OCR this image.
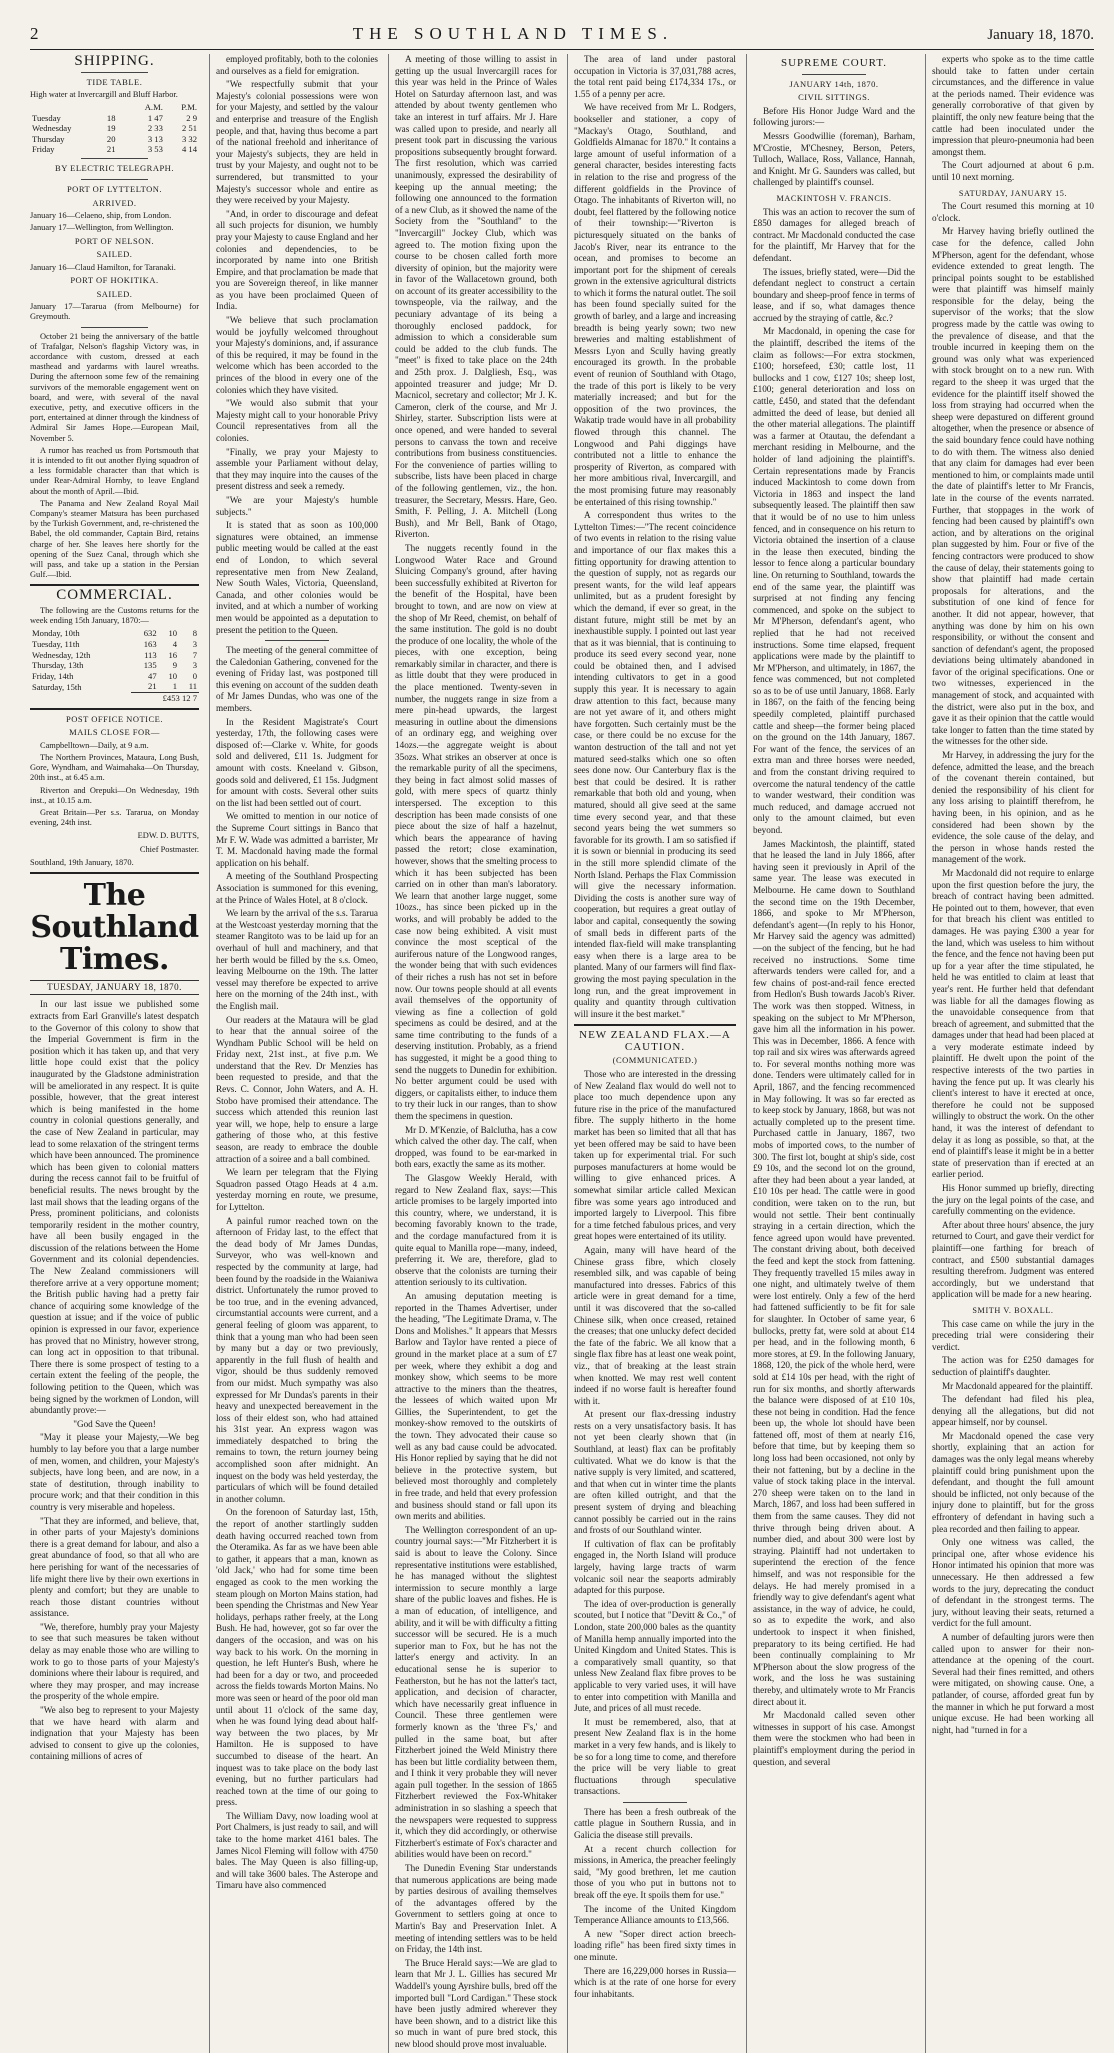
2	THE SOUTHLAND TIMES.	January 18, 1870.
SHIPPING.
TIDE TABLE.

High water at Invercargill and Bluff Harbor.

		A.M.	P.M.
Tuesday	18	1 47	2 9
Wednesday	19	2 33	2 51
Thursday	20	3 13	3 32
Friday	21	3 53	4 14
BY ELECTRIC TELEGRAPH.
PORT OF LYTTELTON.
ARRIVED.

January 16—Celaeno, ship, from London.

January 17—Wellington, from Wellington.

PORT OF NELSON.
SAILED.

January 16—Claud Hamilton, for Taranaki.

PORT OF HOKITIKA.
SAILED.

January 17—Tararua (from Melbourne) for Greymouth.

October 21 being the anniversary of the battle of Trafalgar, Nelson's flagship Victory was, in accordance with custom, dressed at each masthead and yardarms with laurel wreaths. During the afternoon some few of the remaining survivors of the memorable engagement went on board, and were, with several of the naval executive, petty, and executive officers in the port, entertained at dinner through the kindness of Admiral Sir James Hope.—European Mail, November 5.

A rumor has reached us from Portsmouth that it is intended to fit out another flying squadron of a less formidable character than that which is under Rear-Admiral Hornby, to leave England about the month of April.—Ibid.

The Panama and New Zealand Royal Mail Company's steamer Matsura has been purchased by the Turkish Government, and, re-christened the Babel, the old commander, Captain Bird, retains charge of her. She leaves here shortly for the opening of the Suez Canal, through which she will pass, and take up a station in the Persian Gulf.—Ibid.

COMMERCIAL.

The following are the Customs returns for the week ending 15th January, 1870:—

Monday, 10th	632	10	8
Tuesday, 11th	163	4	3
Wednesday, 12th	113	16	7
Thursday, 13th	135	9	3
Friday, 14th	47	10	0
Saturday, 15th	21	1	11
	£453 12 7		
POST OFFICE NOTICE.
MAILS CLOSE FOR—

Campbelltown—Daily, at 9 a.m.

The Northern Provinces, Mataura, Long Bush, Gore, Wyndham, and Waimahaka—On Thursday, 20th inst., at 6.45 a.m.

Riverton and Orepuki—On Wednesday, 19th inst., at 10.15 a.m.

Great Britain—Per s.s. Tararua, on Monday evening, 24th inst.

EDW. D. BUTTS,
Chief Postmaster.

Southland, 19th January, 1870.

The Southland Times.
TUESDAY, JANUARY 18, 1870.

In our last issue we published some extracts from Earl Granville's latest despatch to the Governor of this colony to show that the Imperial Government is firm in the position which it has taken up, and that very little hope could exist that the policy inaugurated by the Gladstone administration will be ameliorated in any respect. It is quite possible, however, that the great interest which is being manifested in the home country in colonial questions generally, and the case of New Zealand in particular, may lead to some relaxation of the stringent terms which have been announced. The prominence which has been given to colonial matters during the recess cannot fail to be fruitful of beneficial results. The news brought by the last mail shows that the leading organs of the Press, prominent politicians, and colonists temporarily resident in the mother country, have all been busily engaged in the discussion of the relations between the Home Government and its colonial dependencies. The New Zealand commissioners will therefore arrive at a very opportune moment; the British public having had a pretty fair chance of acquiring some knowledge of the question at issue; and if the voice of public opinion is expressed in our favor, experience has proved that no Ministry, however strong, can long act in opposition to that tribunal. There there is some prospect of testing to a certain extent the feeling of the people, the following petition to the Queen, which was being signed by the workmen of London, will abundantly prove:—

"God Save the Queen!

"May it please your Majesty,—We beg humbly to lay before you that a large number of men, women, and children, your Majesty's subjects, have long been, and are now, in a state of destitution, through inability to procure work; and that their condition in this country is very miserable and hopeless.

"That they are informed, and believe, that, in other parts of your Majesty's dominions there is a great demand for labour, and also a great abundance of food, so that all who are here perishing for want of the necessaries of life might there live by their own exertions in plenty and comfort; but they are unable to reach those distant countries without assistance.

"We, therefore, humbly pray your Majesty to see that such measures be taken without delay as may enable those who are willing to work to go to those parts of your Majesty's dominions where their labour is required, and where they may prosper, and may increase the prosperity of the whole empire.

"We also beg to represent to your Majesty that we have heard with alarm and indignation that your Majesty has been advised to consent to give up the colonies, containing millions of acres of

employed profitably, both to the colonies and ourselves as a field for emigration.

"We respectfully submit that your Majesty's colonial possessions were won for your Majesty, and settled by the valour and enterprise and treasure of the English people, and that, having thus become a part of the national freehold and inheritance of your Majesty's subjects, they are held in trust by your Majesty, and ought not to be surrendered, but transmitted to your Majesty's successor whole and entire as they were received by your Majesty.

"And, in order to discourage and defeat all such projects for disunion, we humbly pray your Majesty to cause England and her colonies and dependencies, to be incorporated by name into one British Empire, and that proclamation be made that you are Sovereign thereof, in like manner as you have been proclaimed Queen of India.

"We believe that such proclamation would be joyfully welcomed throughout your Majesty's dominions, and, if assurance of this be required, it may be found in the welcome which has been accorded to the princes of the blood in every one of the colonies which they have visited.

"We would also submit that your Majesty might call to your honorable Privy Council representatives from all the colonies.

"Finally, we pray your Majesty to assemble your Parliament without delay, that they may inquire into the causes of the present distress and seek a remedy.

"We are your Majesty's humble subjects."

It is stated that as soon as 100,000 signatures were obtained, an immense public meeting would be called at the east end of London, to which several representative men from New Zealand, New South Wales, Victoria, Queensland, Canada, and other colonies would be invited, and at which a number of working men would be appointed as a deputation to present the petition to the Queen.

The meeting of the general committee of the Caledonian Gathering, convened for the evening of Friday last, was postponed till this evening on account of the sudden death of Mr James Dundas, who was one of the members.

In the Resident Magistrate's Court yesterday, 17th, the following cases were disposed of:—Clarke v. White, for goods sold and delivered, £11 1s. Judgment for amount with costs. Kneeland v. Gibson, goods sold and delivered, £1 15s. Judgment for amount with costs. Several other suits on the list had been settled out of court.

We omitted to mention in our notice of the Supreme Court sittings in Banco that Mr F. W. Wade was admitted a barrister, Mr T. M. Macdonald having made the formal application on his behalf.

A meeting of the Southland Prospecting Association is summoned for this evening, at the Prince of Wales Hotel, at 8 o'clock.

We learn by the arrival of the s.s. Tararua at the Westcoast yesterday morning that the steamer Rangitoto was to be laid up for an overhaul of hull and machinery, and that her berth would be filled by the s.s. Omeo, leaving Melbourne on the 19th. The latter vessel may therefore be expected to arrive here on the morning of the 24th inst., with the English mail.

Our readers at the Mataura will be glad to hear that the annual soiree of the Wyndham Public School will be held on Friday next, 21st inst., at five p.m. We understand that the Rev. Dr Menzies has been requested to preside, and that the Revs. C. Connor, John Waters, and A. H. Stobo have promised their attendance. The success which attended this reunion last year will, we hope, help to ensure a large gathering of those who, at this festive season, are ready to embrace the double attraction of a soiree and a ball combined.

We learn per telegram that the Flying Squadron passed Otago Heads at 4 a.m. yesterday morning en route, we presume, for Lyttelton.

A painful rumor reached town on the afternoon of Friday last, to the effect that the dead body of Mr James Dundas, Surveyor, who was well-known and respected by the community at large, had been found by the roadside in the Waianiwa district. Unfortunately the rumor proved to be too true, and in the evening advanced, circumstantial accounts were current, and a general feeling of gloom was apparent, to think that a young man who had been seen by many but a day or two previously, apparently in the full flush of health and vigor, should be thus suddenly removed from our midst. Much sympathy was also expressed for Mr Dundas's parents in their heavy and unexpected bereavement in the loss of their eldest son, who had attained his 31st year. An express wagon was immediately despatched to bring the remains to town, the return journey being accomplished soon after midnight. An inquest on the body was held yesterday, the particulars of which will be found detailed in another column.

On the forenoon of Saturday last, 15th, the report of another startlingly sudden death having occurred reached town from the Oteramika. As far as we have been able to gather, it appears that a man, known as 'old Jack,' who had for some time been engaged as cook to the men working the steam plough on Morton Mains station, had been spending the Christmas and New Year holidays, perhaps rather freely, at the Long Bush. He had, however, got so far over the dangers of the occasion, and was on his way back to his work. On the morning in question, he left Hunter's Bush, where he had been for a day or two, and proceeded across the fields towards Morton Mains. No more was seen or heard of the poor old man until about 11 o'clock of the same day, when he was found lying dead about half-way between the two places, by Mr Hamilton. He is supposed to have succumbed to disease of the heart. An inquest was to take place on the body last evening, but no further particulars had reached town at the time of our going to press.

The William Davy, now loading wool at Port Chalmers, is just ready to sail, and will take to the home market 4161 bales. The James Nicol Fleming will follow with 4750 bales. The May Queen is also filling-up, and will take 3600 bales. The Asterope and Timaru have also commenced

A meeting of those willing to assist in getting up the usual Invercargill races for this year was held in the Prince of Wales Hotel on Saturday afternoon last, and was attended by about twenty gentlemen who take an interest in turf affairs. Mr J. Hare was called upon to preside, and nearly all present took part in discussing the various propositions subsequently brought forward. The first resolution, which was carried unanimously, expressed the desirability of keeping up the annual meeting; the following one announced to the formation of a new Club, as it showed the name of the Society from the "Southland" to the "Invercargill" Jockey Club, which was agreed to. The motion fixing upon the course to be chosen called forth more diversity of opinion, but the majority were in favor of the Wallacetown ground, both on account of its greater accessibility to the townspeople, via the railway, and the pecuniary advantage of its being a thoroughly enclosed paddock, for admission to which a considerable sum could be added to the club funds. The "meet" is fixed to take place on the 24th and 25th prox. J. Dalgliesh, Esq., was appointed treasurer and judge; Mr D. Macnicol, secretary and collector; Mr J. K. Cameron, clerk of the course, and Mr J. Shirley, starter. Subscription lists were at once opened, and were handed to several persons to canvass the town and receive contributions from business constituencies. For the convenience of parties willing to subscribe, lists have been placed in charge of the following gentlemen, viz., the hon. treasurer, the Secretary, Messrs. Hare, Geo. Smith, F. Pelling, J. A. Mitchell (Long Bush), and Mr Bell, Bank of Otago, Riverton.

The nuggets recently found in the Longwood Water Race and Ground Sluicing Company's ground, after having been successfully exhibited at Riverton for the benefit of the Hospital, have been brought to town, and are now on view at the shop of Mr Reed, chemist, on behalf of the same institution. The gold is no doubt the produce of one locality, the whole of the pieces, with one exception, being remarkably similar in character, and there is as little doubt that they were produced in the place mentioned. Twenty-seven in number, the nuggets range in size from a mere pin-head upwards, the largest measuring in outline about the dimensions of an ordinary egg, and weighing over 14ozs.—the aggregate weight is about 35ozs. What strikes an observer at once is the remarkable purity of all the specimens, they being in fact almost solid masses of gold, with mere specs of quartz thinly interspersed. The exception to this description has been made consists of one piece about the size of half a hazelnut, which bears the appearance of having passed the retort; close examination, however, shows that the smelting process to which it has been subjected has been carried on in other than man's laboratory. We learn that another large nugget, some 10ozs., has since been picked up in the works, and will probably be added to the case now being exhibited. A visit must convince the most sceptical of the auriferous nature of the Longwood ranges, the wonder being that with such evidences of their riches a rush has not set in before now. Our towns people should at all events avail themselves of the opportunity of viewing as fine a collection of gold specimens as could be desired, and at the same time contributing to the funds of a deserving institution. Probably, as a friend has suggested, it might be a good thing to send the nuggets to Dunedin for exhibition. No better argument could be used with diggers, or capitalists either, to induce them to try their luck in our ranges, than to show them the specimens in question.

Mr D. M'Kenzie, of Balclutha, has a cow which calved the other day. The calf, when dropped, was found to be ear-marked in both ears, exactly the same as its mother.

The Glasgow Weekly Herald, with regard to New Zealand flax, says:—This article promises to be largely imported into this country, where, we understand, it is becoming favorably known to the trade, and the cordage manufactured from it is quite equal to Manilla rope—many, indeed, preferring it. We are, therefore, glad to observe that the colonists are turning their attention seriously to its cultivation.

An amusing deputation meeting is reported in the Thames Advertiser, under the heading, "The Legitimate Drama, v. The Dons and Molishes." It appears that Messrs Barlow and Taylor have rented a piece of ground in the market place at a sum of £7 per week, where they exhibit a dog and monkey show, which seems to be more attractive to the miners than the theatres, the lessees of which waited upon Mr Gillies, the Superintendent, to get the monkey-show removed to the outskirts of the town. They advocated their cause so well as any bad cause could be advocated. His Honor replied by saying that he did not believe in the protective system, but believed most thoroughly and completely in free trade, and held that every profession and business should stand or fall upon its own merits and abilities.

The Wellington correspondent of an up-country journal says:—"Mr Fitzherbert it is said is about to leave the Colony. Since representative institutions were established, he has managed without the slightest intermission to secure monthly a large share of the public loaves and fishes. He is a man of education, of intelligence, and ability, and it will be with difficulty a fitting successor will be secured. He is a much superior man to Fox, but he has not the latter's energy and activity. In an educational sense he is superior to Featherston, but he has not the latter's tact, application, and decision of character, which have necessarily great influence in Council. These three gentlemen were formerly known as the 'three F's,' and pulled in the same boat, but after Fitzherbert joined the Weld Ministry there has been but little cordiality between them, and I think it very probable they will never again pull together. In the session of 1865 Fitzherbert reviewed the Fox-Whitaker administration in so slashing a speech that the newspapers were requested to suppress it, which they did accordingly, or otherwise Fitzherbert's estimate of Fox's character and abilities would have been on record."

The Dunedin Evening Star understands that numerous applications are being made by parties desirous of availing themselves of the advantages offered by the Government to settlers going at once to Martin's Bay and Preservation Inlet. A meeting of intending settlers was to be held on Friday, the 14th inst.

The Bruce Herald says:—We are glad to learn that Mr J. L. Gillies has secured Mr Waddell's young Ayrshire bulls, bred off the imported bull "Lord Cardigan." These stock have been justly admired wherever they have been shown, and to a district like this so much in want of pure bred stock, this new blood should prove most invaluable.

The area of land under pastoral occupation in Victoria is 37,031,788 acres, the total rent paid being £174,334 17s., or 1.55 of a penny per acre.

We have received from Mr L. Rodgers, bookseller and stationer, a copy of "Mackay's Otago, Southland, and Goldfields Almanac for 1870." It contains a large amount of useful information of a general character, besides interesting facts in relation to the rise and progress of the different goldfields in the Province of Otago. The inhabitants of Riverton will, no doubt, feel flattered by the following notice of their township:—"Riverton is picturesquely situated on the banks of Jacob's River, near its entrance to the ocean, and promises to become an important port for the shipment of cereals grown in the extensive agricultural districts to which it forms the natural outlet. The soil has been found specially suited for the growth of barley, and a large and increasing breadth is being yearly sown; two new breweries and malting establishment of Messrs Lyon and Scully having greatly encouraged its growth. In the probable event of reunion of Southland with Otago, the trade of this port is likely to be very materially increased; and but for the opposition of the two provinces, the Wakatip trade would have in all probability flowed through this channel. The Longwood and Pahi diggings have contributed not a little to enhance the prosperity of Riverton, as compared with her more ambitious rival, Invercargill, and the most promising future may reasonably be entertained of this rising township."

A correspondent thus writes to the Lyttelton Times:—"The recent coincidence of two events in relation to the rising value and importance of our flax makes this a fitting opportunity for drawing attention to the question of supply, not as regards our present wants, for the wild leaf appears unlimited, but as a prudent foresight by which the demand, if ever so great, in the distant future, might still be met by an inexhaustible supply. I pointed out last year that as it was biennial, that is continuing to produce its seed every second year, none could be obtained then, and I advised intending cultivators to get in a good supply this year. It is necessary to again draw attention to this fact, because many are not yet aware of it, and others might have forgotten. Such certainly must be the case, or there could be no excuse for the wanton destruction of the tall and not yet matured seed-stalks which one so often sees done now. Our Canterbury flax is the best that could be desired. It is rather remarkable that both old and young, when matured, should all give seed at the same time every second year, and that these second years being the wet summers so favorable for its growth. I am so satisfied if it is sown or biennial in producing its seed in the still more splendid climate of the North Island. Perhaps the Flax Commission will give the necessary information. Dividing the costs is another sure way of cooperation, but requires a great outlay of labor and capital, consequently the sowing of small beds in different parts of the intended flax-field will make transplanting easy when there is a large area to be planted. Many of our farmers will find flax-growing the most paying speculation in the long run, and the great improvement in quality and quantity through cultivation will insure it the best market."

NEW ZEALAND FLAX.—A CAUTION.
(COMMUNICATED.)

Those who are interested in the dressing of New Zealand flax would do well not to place too much dependence upon any future rise in the price of the manufactured fibre. The supply hitherto in the home market has been so limited that all that has yet been offered may be said to have been taken up for experimental trial. For such purposes manufacturers at home would be willing to give enhanced prices. A somewhat similar article called Mexican fibre was some years ago introduced and imported largely to Liverpool. This fibre for a time fetched fabulous prices, and very great hopes were entertained of its utility.

Again, many will have heard of the Chinese grass fibre, which closely resembled silk, and was capable of being manufactured into dresses. Fabrics of this article were in great demand for a time, until it was discovered that the so-called Chinese silk, when once creased, retained the creases; that one unlucky defect decided the fate of the fabric. We all know that a single flax fibre has at least one weak point, viz., that of breaking at the least strain when knotted. We may rest well content indeed if no worse fault is hereafter found with it.

At present our flax-dressing industry rests on a very unsatisfactory basis. It has not yet been clearly shown that (in Southland, at least) flax can be profitably cultivated. What we do know is that the native supply is very limited, and scattered, and that when cut in winter time the plants are often killed outright, and that the present system of drying and bleaching cannot possibly be carried out in the rains and frosts of our Southland winter.

If cultivation of flax can be profitably engaged in, the North Island will produce largely, having large tracts of warm volcanic soil near the seaports admirably adapted for this purpose.

The idea of over-production is generally scouted, but I notice that "Devitt & Co.," of London, state 200,000 bales as the quantity of Manilla hemp annually imported into the United Kingdom and United States. This is a comparatively small quantity, so that unless New Zealand flax fibre proves to be applicable to very varied uses, it will have to enter into competition with Manilla and Jute, and prices of all must recede.

It must be remembered, also, that at present New Zealand flax is in the home market in a very few hands, and is likely to be so for a long time to come, and therefore the price will be very liable to great fluctuations through speculative transactions.

There has been a fresh outbreak of the cattle plague in Southern Russia, and in Galicia the disease still prevails.

At a recent church collection for missions, in America, the preacher feelingly said, "My good brethren, let me caution those of you who put in buttons not to break off the eye. It spoils them for use."

The income of the United Kingdom Temperance Alliance amounts to £13,566.

A new "Soper direct action breech-loading rifle" has been fired sixty times in one minute.

There are 16,229,000 horses in Russia—which is at the rate of one horse for every four inhabitants.

SUPREME COURT.
JANUARY 14th, 1870.
CIVIL SITTINGS.

Before His Honor Judge Ward and the following jurors:—

Messrs Goodwillie (foreman), Barham, M'Crostie, M'Chesney, Berson, Peters, Tulloch, Wallace, Ross, Vallance, Hannah, and Knight. Mr G. Saunders was called, but challenged by plaintiff's counsel.

MACKINTOSH V. FRANCIS.

This was an action to recover the sum of £850 damages for alleged breach of contract. Mr Macdonald conducted the case for the plaintiff, Mr Harvey that for the defendant.

The issues, briefly stated, were—Did the defendant neglect to construct a certain boundary and sheep-proof fence in terms of lease, and if so, what damages thence accrued by the straying of cattle, &c.?

Mr Macdonald, in opening the case for the plaintiff, described the items of the claim as follows:—For extra stockmen, £100; horsefeed, £30; cattle lost, 11 bullocks and 1 cow, £127 10s; sheep lost, £100; general deterioration and loss on cattle, £450, and stated that the defendant admitted the deed of lease, but denied all the other material allegations. The plaintiff was a farmer at Otautau, the defendant a merchant residing in Melbourne, and the holder of land adjoining the plaintiff's. Certain representations made by Francis induced Mackintosh to come down from Victoria in 1863 and inspect the land subsequently leased. The plaintiff then saw that it would be of no use to him unless fenced, and in consequence on his return to Victoria obtained the insertion of a clause in the lease then executed, binding the lessor to fence along a particular boundary line. On returning to Southland, towards the end of the same year, the plaintiff was surprised at not finding any fencing commenced, and spoke on the subject to Mr M'Pherson, defendant's agent, who replied that he had not received instructions. Some time elapsed, frequent applications were made by the plaintiff to Mr M'Pherson, and ultimately, in 1867, the fence was commenced, but not completed so as to be of use until January, 1868. Early in 1867, on the faith of the fencing being speedily completed, plaintiff purchased cattle and sheep—the former being placed on the ground on the 14th January, 1867. For want of the fence, the services of an extra man and three horses were needed, and from the constant driving required to overcome the natural tendency of the cattle to wander westward, their condition was much reduced, and damage accrued not only to the amount claimed, but even beyond.

James Mackintosh, the plaintiff, stated that he leased the land in July 1866, after having seen it previously in April of the same year. The lease was executed in Melbourne. He came down to Southland the second time on the 19th December, 1866, and spoke to Mr M'Pherson, defendant's agent—(In reply to his Honor, Mr Harvey said the agency was admitted)—on the subject of the fencing, but he had received no instructions. Some time afterwards tenders were called for, and a few chains of post-and-rail fence erected from Hedlon's Bush towards Jacob's River. The work was then stopped. Witness, in speaking on the subject to Mr M'Pherson, gave him all the information in his power. This was in December, 1866. A fence with top rail and six wires was afterwards agreed to. For several months nothing more was done. Tenders were ultimately called for in April, 1867, and the fencing recommenced in May following. It was so far erected as to keep stock by January, 1868, but was not actually completed up to the present time. Purchased cattle in January, 1867, two mobs of imported cows, to the number of 300. The first lot, bought at ship's side, cost £9 10s, and the second lot on the ground, after they had been about a year landed, at £10 10s per head. The cattle were in good condition, were taken on to the run, but would not settle. Their bent continually straying in a certain direction, which the fence agreed upon would have prevented. The constant driving about, both deceived the feed and kept the stock from fattening. They frequently travelled 15 miles away in one night, and ultimately twelve of them were lost entirely. Only a few of the herd had fattened sufficiently to be fit for sale for slaughter. In October of same year, 6 bullocks, pretty fat, were sold at about £14 per head, and in the following month, 6 more stores, at £9. In the following January, 1868, 120, the pick of the whole herd, were sold at £14 10s per head, with the right of run for six months, and shortly afterwards the balance were disposed of at £10 10s, these not being in condition. Had the fence been up, the whole lot should have been fattened off, most of them at nearly £16, before that time, but by keeping them so long loss had been occasioned, not only by their not fattening, but by a decline in the value of stock taking place in the interval. 270 sheep were taken on to the land in March, 1867, and loss had been suffered in them from the same causes. They did not thrive through being driven about. A number died, and about 300 were lost by straying. Plaintiff had not undertaken to superintend the erection of the fence himself, and was not responsible for the delays. He had merely promised in a friendly way to give defendant's agent what assistance, in the way of advice, he could, so as to expedite the work, and also undertook to inspect it when finished, preparatory to its being certified. He had been continually complaining to Mr M'Pherson about the slow progress of the work, and the loss he was sustaining thereby, and ultimately wrote to Mr Francis direct about it.

Mr Macdonald called seven other witnesses in support of his case. Amongst them were the stockmen who had been in plaintiff's employment during the period in question, and several

experts who spoke as to the time cattle should take to fatten under certain circumstances, and the difference in value at the periods named. Their evidence was generally corroborative of that given by plaintiff, the only new feature being that the cattle had been inoculated under the impression that pleuro-pneumonia had been amongst them.

The Court adjourned at about 6 p.m. until 10 next morning.

SATURDAY, JANUARY 15.

The Court resumed this morning at 10 o'clock.

Mr Harvey having briefly outlined the case for the defence, called John M'Pherson, agent for the defendant, whose evidence extended to great length. The principal points sought to be established were that plaintiff was himself mainly responsible for the delay, being the supervisor of the works; that the slow progress made by the cattle was owing to the prevalence of disease, and that the trouble incurred in keeping them on the ground was only what was experienced with stock brought on to a new run. With regard to the sheep it was urged that the evidence for the plaintiff itself showed the loss from straying had occurred when the sheep were depastured on different ground altogether, when the presence or absence of the said boundary fence could have nothing to do with them. The witness also denied that any claim for damages had ever been mentioned to him, or complaints made until the date of plaintiff's letter to Mr Francis, late in the course of the events narrated. Further, that stoppages in the work of fencing had been caused by plaintiff's own action, and by alterations on the original plan suggested by him. Four or five of the fencing contractors were produced to show the cause of delay, their statements going to show that plaintiff had made certain proposals for alterations, and the substitution of one kind of fence for another. It did not appear, however, that anything was done by him on his own responsibility, or without the consent and sanction of defendant's agent, the proposed deviations being ultimately abandoned in favor of the original specifications. One or two witnesses, experienced in the management of stock, and acquainted with the district, were also put in the box, and gave it as their opinion that the cattle would take longer to fatten than the time stated by the witnesses for the other side.

Mr Harvey, in addressing the jury for the defence, admitted the lease, and the breach of the covenant therein contained, but denied the responsibility of his client for any loss arising to plaintiff therefrom, he having been, in his opinion, and as he considered had been shown by the evidence, the sole cause of the delay, and the person in whose hands rested the management of the work.

Mr Macdonald did not require to enlarge upon the first question before the jury, the breach of contract having been admitted. He pointed out to them, however, that even for that breach his client was entitled to damages. He was paying £300 a year for the land, which was useless to him without the fence, and the fence not having been put up for a year after the time stipulated, he held he was entitled to claim at least that year's rent. He further held that defendant was liable for all the damages flowing as the unavoidable consequence from that breach of agreement, and submitted that the damages under that head had been placed at a very moderate estimate indeed by plaintiff. He dwelt upon the point of the respective interests of the two parties in having the fence put up. It was clearly his client's interest to have it erected at once, therefore he could not be supposed willingly to obstruct the work. On the other hand, it was the interest of defendant to delay it as long as possible, so that, at the end of plaintiff's lease it might be in a better state of preservation than if erected at an earlier period.

His Honor summed up briefly, directing the jury on the legal points of the case, and carefully commenting on the evidence.

After about three hours' absence, the jury returned to Court, and gave their verdict for plaintiff—one farthing for breach of contract, and £500 substantial damages resulting therefrom. Judgment was entered accordingly, but we understand that application will be made for a new hearing.

SMITH V. BOXALL.

This case came on while the jury in the preceding trial were considering their verdict.

The action was for £250 damages for seduction of plaintiff's daughter.

Mr Macdonald appeared for the plaintiff.

The defendant had filed his plea, denying all the allegations, but did not appear himself, nor by counsel.

Mr Macdonald opened the case very shortly, explaining that an action for damages was the only legal means whereby plaintiff could bring punishment upon the defendant, and thought the full amount should be inflicted, not only because of the injury done to plaintiff, but for the gross effrontery of defendant in having such a plea recorded and then failing to appear.

Only one witness was called, the principal one, after whose evidence his Honor intimated his opinion that more was unnecessary. He then addressed a few words to the jury, deprecating the conduct of defendant in the strongest terms. The jury, without leaving their seats, returned a verdict for the full amount.

A number of defaulting jurors were then called upon to answer for their non-attendance at the opening of the court. Several had their fines remitted, and others were mitigated, on showing cause. One, a patlander, of course, afforded great fun by the manner in which he put forward a most unique excuse. He had been working all night, had "turned in for a
